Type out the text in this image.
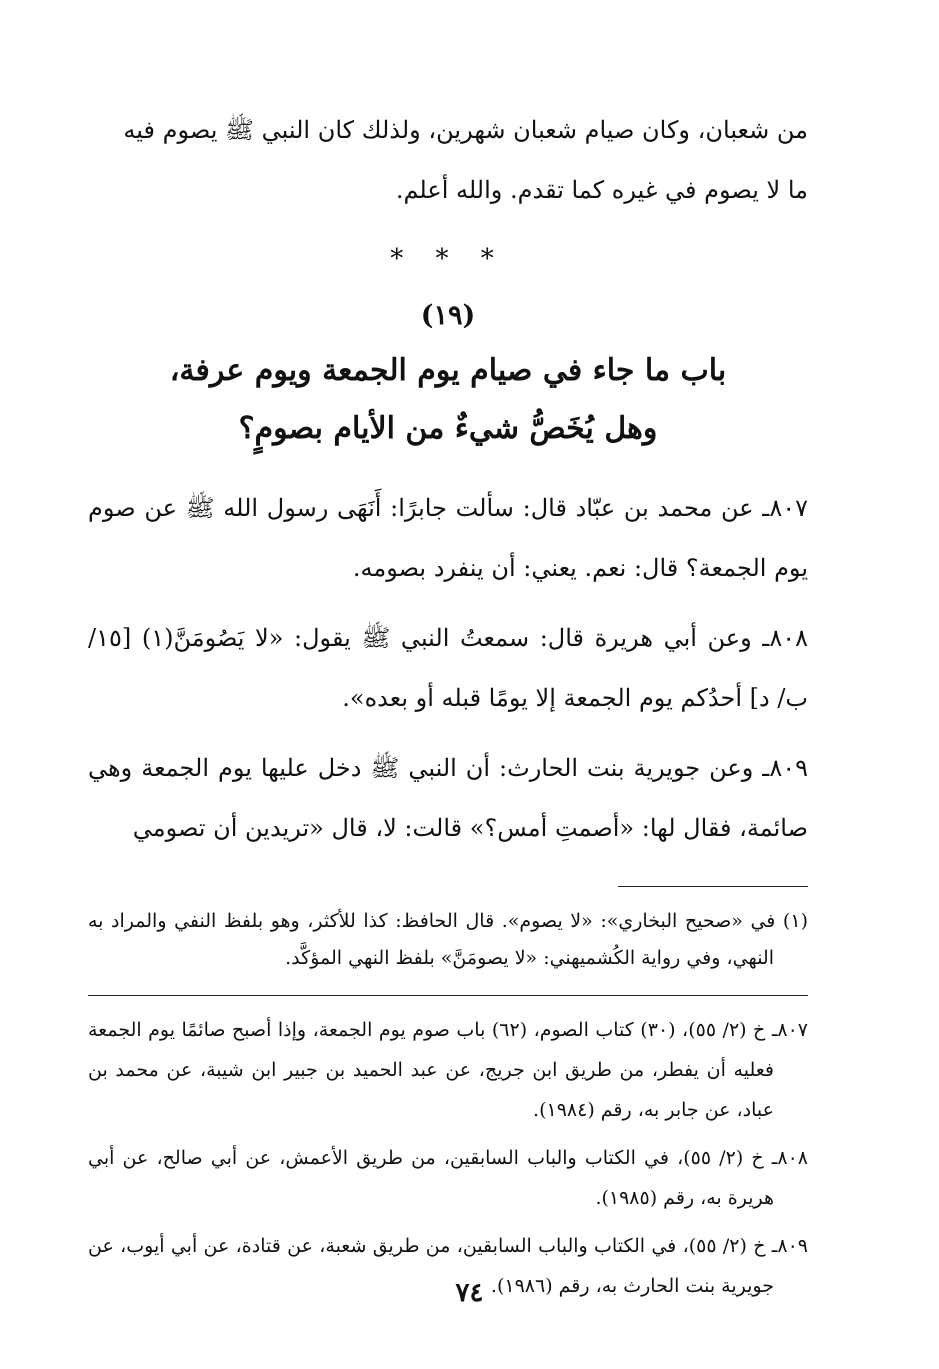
من شعبان، وكان صيام شعبان شهرين، ولذلك كان النبي ﷺ يصوم فيه

ما لا يصوم في غيره كما تقدم. والله أعلم.

* * *
(١٩)
باب ما جاء في صيام يوم الجمعة ويوم عرفة،
وهل يُخَصُّ شيءٌ من الأيام بصومٍ؟

٨٠٧ـ عن محمد بن عبّاد قال: سألت جابرًا: أَنَهَى رسول الله ﷺ عن صوم يوم الجمعة؟ قال: نعم. يعني: أن ينفرد بصومه.

٨٠٨ـ وعن أبي هريرة قال: سمعتُ النبي ﷺ يقول: «لا يَصُومَنَّ(١) [١٥/ ب/ د] أحدُكم يوم الجمعة إلا يومًا قبله أو بعده».

٨٠٩ـ وعن جويرية بنت الحارث: أن النبي ﷺ دخل عليها يوم الجمعة وهي صائمة، فقال لها: «أصمتِ أمس؟» قالت: لا، قال «تريدين أن تصومي

(١) في «صحيح البخاري»: «لا يصوم». قال الحافظ: كذا للأكثر، وهو بلفظ النفي والمراد به النهي، وفي رواية الكُشميهني: «لا يصومَنَّ» بلفظ النهي المؤكَّد.
٨٠٧ـ خ (٢/ ٥٥)، (٣٠) كتاب الصوم، (٦٢) باب صوم يوم الجمعة، وإذا أصبح صائمًا يوم الجمعة فعليه أن يفطر، من طريق ابن جريج، عن عبد الحميد بن جبير ابن شيبة، عن محمد بن عباد، عن جابر به، رقم (١٩٨٤).
٨٠٨ـ خ (٢/ ٥٥)، في الكتاب والباب السابقين، من طريق الأعمش، عن أبي صالح، عن أبي هريرة به، رقم (١٩٨٥).
٨٠٩ـ خ (٢/ ٥٥)، في الكتاب والباب السابقين، من طريق شعبة، عن قتادة، عن أبي أيوب، عن جويرية بنت الحارث به، رقم (١٩٨٦).
٧٤
